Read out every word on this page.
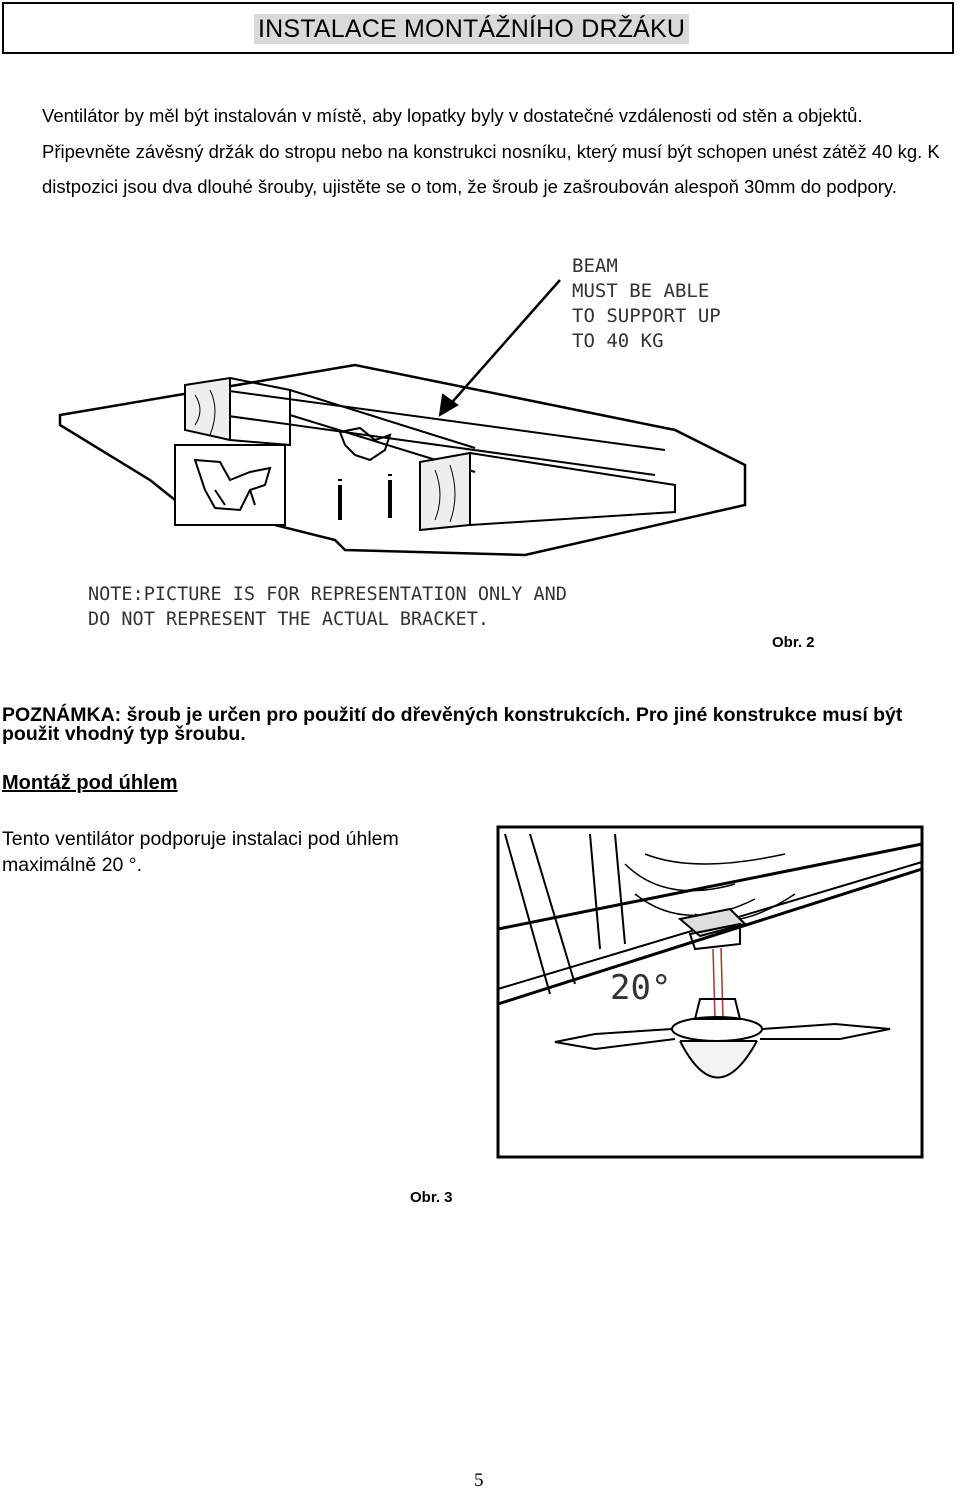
INSTALACE MONTÁŽNÍHO DRŽÁKU
Ventilátor by měl být instalován v místě, aby lopatky byly v dostatečné vzdálenosti od stěn a objektů. Připevněte závěsný držák do stropu nebo na konstrukci nosníku, který musí být schopen unést zátěž 40 kg. K distpozici jsou dva dlouhé šrouby, ujistěte se o tom, že šroub je zašroubován alespoň 30mm do podpory.
BEAM
MUST BE ABLE
TO SUPPORT UP
TO 40 KG
NOTE:PICTURE IS FOR REPRESENTATION ONLY AND
DO NOT REPRESENT THE ACTUAL BRACKET.
Obr. 2
POZNÁMKA: šroub je určen pro použití do dřevěných konstrukcích. Pro jiné konstrukce musí být použit vhodný typ šroubu.
Montáž pod úhlem
Tento ventilátor podporuje instalaci pod úhlem maximálně 20 °.
20°
Obr. 3
5
